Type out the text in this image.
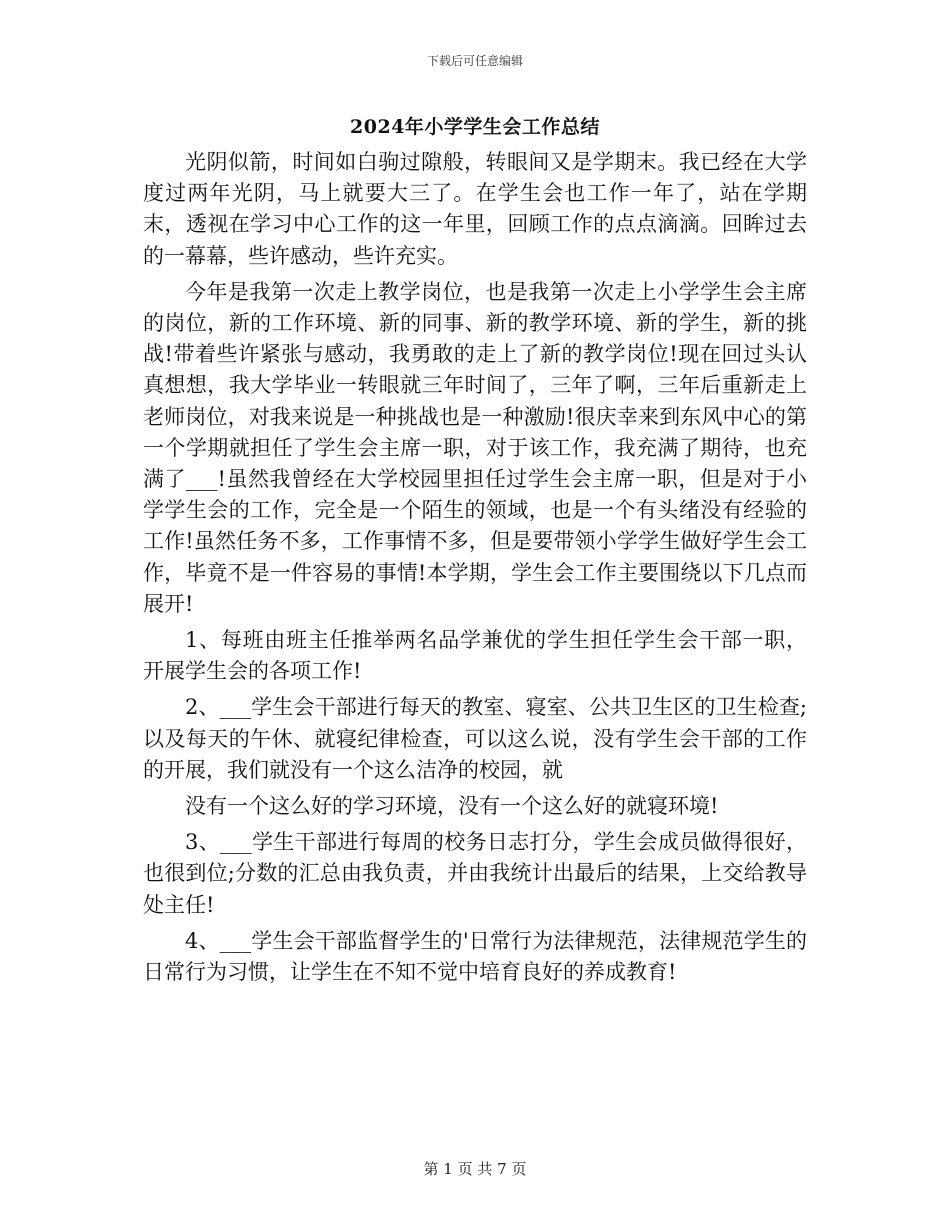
下载后可任意编辑
2024年小学学生会工作总结

光阴似箭，时间如白驹过隙般，转眼间又是学期末。我已经在大学度过两年光阴，马上就要大三了。在学生会也工作一年了，站在学期末，透视在学习中心工作的这一年里，回顾工作的点点滴滴。回眸过去的一幕幕，些许感动，些许充实。

今年是我第一次走上教学岗位，也是我第一次走上小学学生会主席的岗位，新的工作环境、新的同事、新的教学环境、新的学生，新的挑战!带着些许紧张与感动，我勇敢的走上了新的教学岗位!现在回过头认真想想，我大学毕业一转眼就三年时间了，三年了啊，三年后重新走上老师岗位，对我来说是一种挑战也是一种激励!很庆幸来到东风中心的第一个学期就担任了学生会主席一职，对于该工作，我充满了期待，也充满了___!虽然我曾经在大学校园里担任过学生会主席一职，但是对于小学学生会的工作，完全是一个陌生的领域，也是一个有头绪没有经验的工作!虽然任务不多，工作事情不多，但是要带领小学学生做好学生会工作，毕竟不是一件容易的事情!本学期，学生会工作主要围绕以下几点而展开!

1、每班由班主任推举两名品学兼优的学生担任学生会干部一职，开展学生会的各项工作!

2、___学生会干部进行每天的教室、寝室、公共卫生区的卫生检查;以及每天的午休、就寝纪律检查，可以这么说，没有学生会干部的工作的开展，我们就没有一个这么洁净的校园，就

没有一个这么好的学习环境，没有一个这么好的就寝环境!

3、___学生干部进行每周的校务日志打分，学生会成员做得很好，也很到位;分数的汇总由我负责，并由我统计出最后的结果，上交给教导处主任!

4、___学生会干部监督学生的'日常行为法律规范，法律规范学生的日常行为习惯，让学生在不知不觉中培育良好的养成教育!

第 1 页 共 7 页
